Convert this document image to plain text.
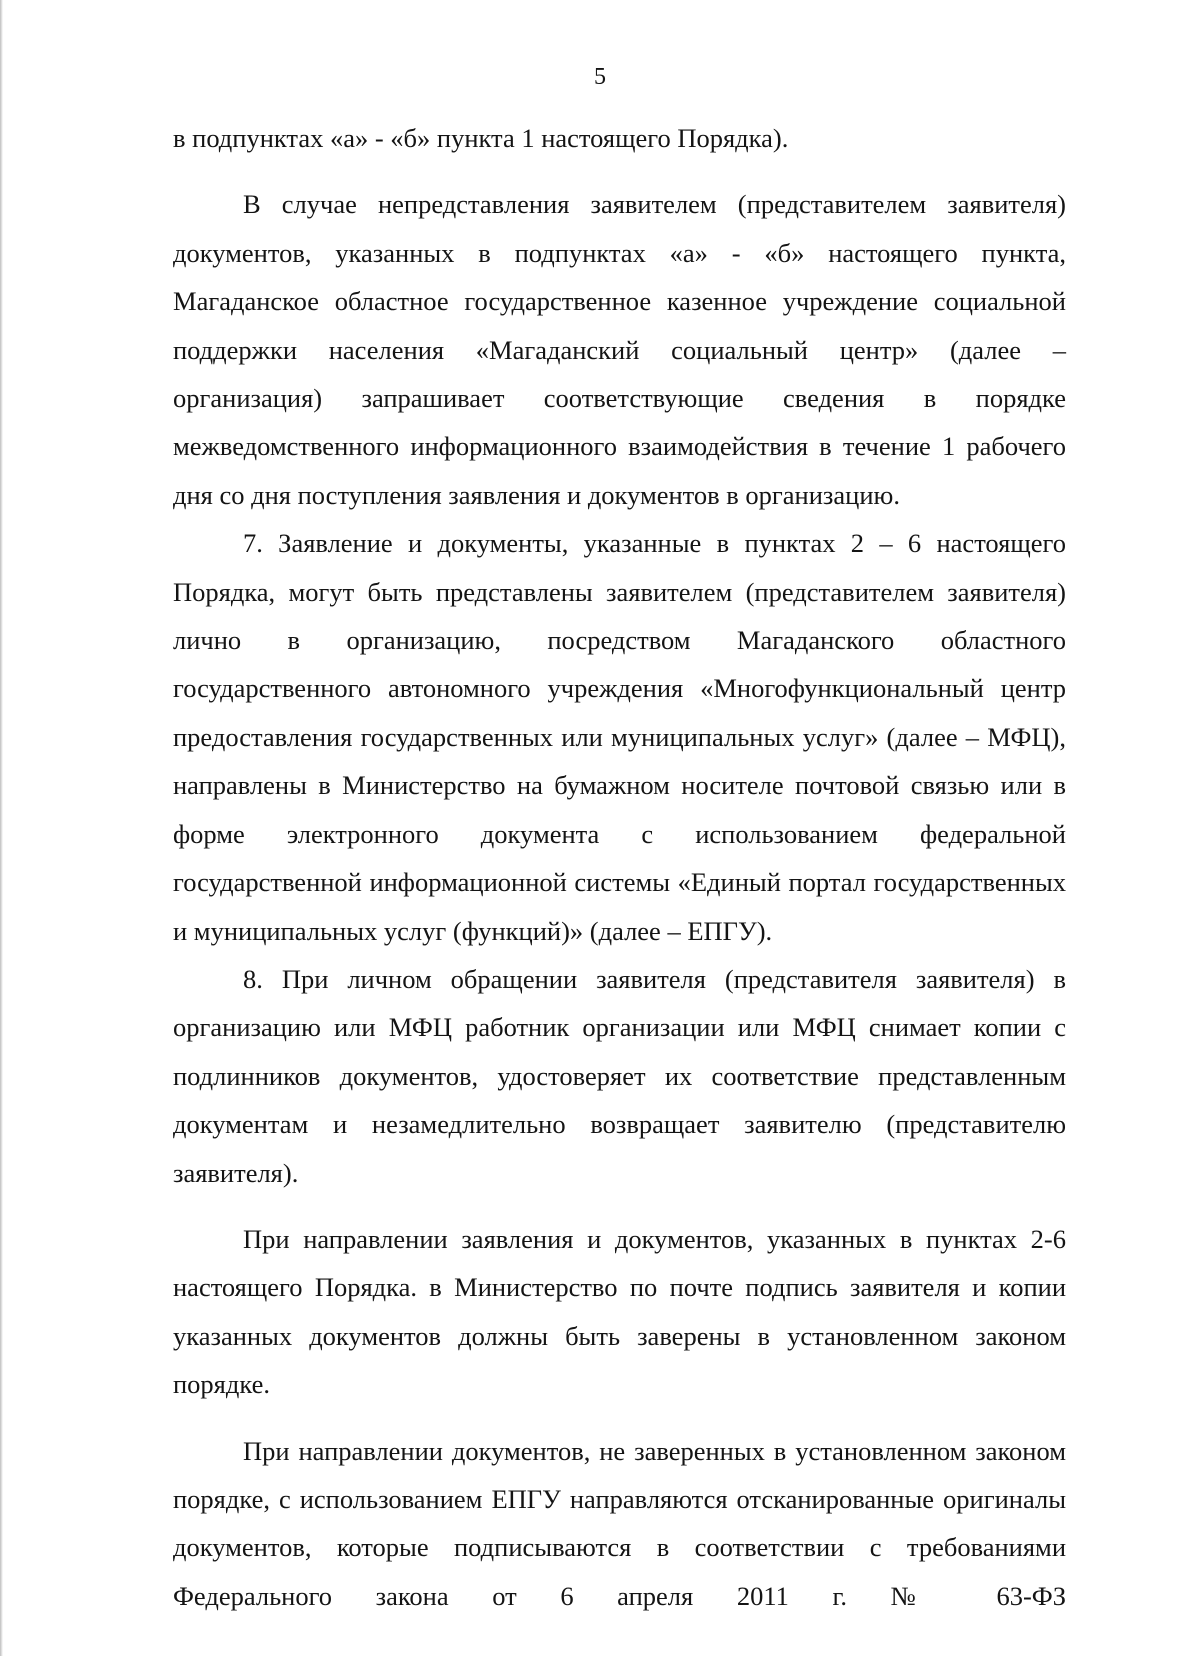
5

в подпунктах «а» - «б» пункта 1 настоящего Порядка).

В случае непредставления заявителем (представителем заявителя) документов, указанных в подпунктах «а» - «б» настоящего пункта, Магаданское областное государственное казенное учреждение социальной поддержки населения «Магаданский социальный центр» (далее – организация) запрашивает соответствующие сведения в порядке межведомственного информационного взаимодействия в течение 1 рабочего дня со дня поступления заявления и документов в организацию.

7. Заявление и документы, указанные в пунктах 2 – 6 настоящего Порядка, могут быть представлены заявителем (представителем заявителя) лично в организацию, посредством Магаданского областного государственного автономного учреждения «Многофункциональный центр предоставления государственных или муниципальных услуг» (далее – МФЦ), направлены в Министерство на бумажном носителе почтовой связью или в форме электронного документа с использованием федеральной государственной информационной системы «Единый портал государственных и муниципальных услуг (функций)» (далее – ЕПГУ).

8. При личном обращении заявителя (представителя заявителя) в организацию или МФЦ работник организации или МФЦ снимает копии с подлинников документов, удостоверяет их соответствие представленным документам и незамедлительно возвращает заявителю (представителю заявителя).

При направлении заявления и документов, указанных в пунктах 2-6 настоящего Порядка. в Министерство по почте подпись заявителя и копии указанных документов должны быть заверены в установленном законом порядке.

При направлении документов, не заверенных в установленном законом порядке, с использованием ЕПГУ направляются отсканированные оригиналы документов, которые подписываются в соответствии с требованиями Федерального закона от 6 апреля 2011 г. № 63-ФЗ
